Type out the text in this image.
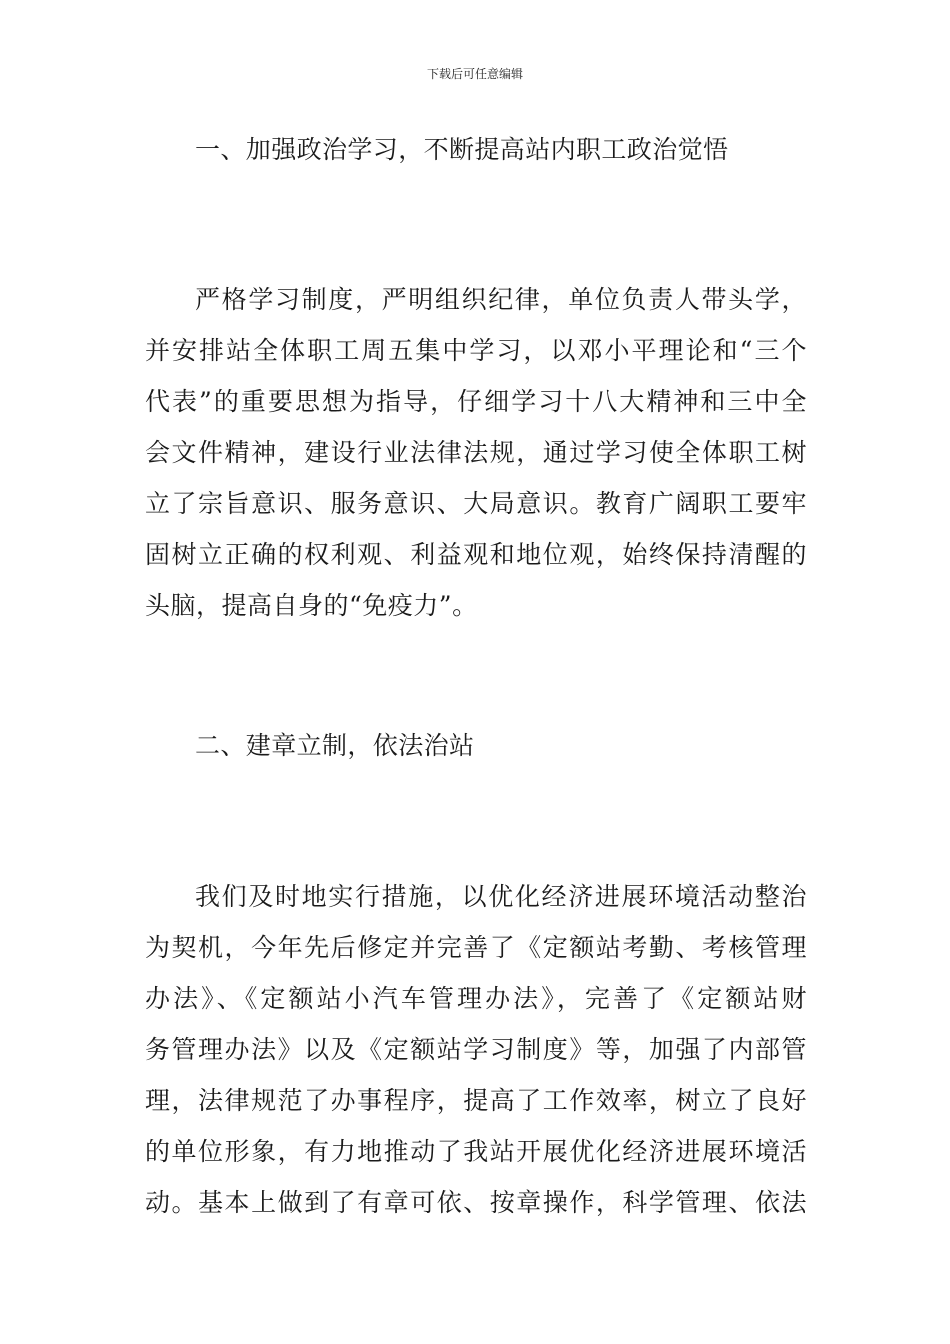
下载后可任意编辑
一、加强政治学习，不断提高站内职工政治觉悟
严格学习制度，严明组织纪律，单位负责人带头学，
并安排站全体职工周五集中学习，以邓小平理论和“三个
代表”的重要思想为指导，仔细学习十八大精神和三中全
会文件精神，建设行业法律法规，通过学习使全体职工树
立了宗旨意识、服务意识、大局意识。教育广阔职工要牢
固树立正确的权利观、利益观和地位观，始终保持清醒的
头脑，提高自身的“免疫力”。
二、建章立制，依法治站
我们及时地实行措施，以优化经济进展环境活动整治
为契机，今年先后修定并完善了《定额站考勤、考核管理
办法》、《定额站小汽车管理办法》，完善了《定额站财
务管理办法》以及《定额站学习制度》等，加强了内部管
理，法律规范了办事程序，提高了工作效率，树立了良好
的单位形象，有力地推动了我站开展优化经济进展环境活
动。基本上做到了有章可依、按章操作，科学管理、依法
